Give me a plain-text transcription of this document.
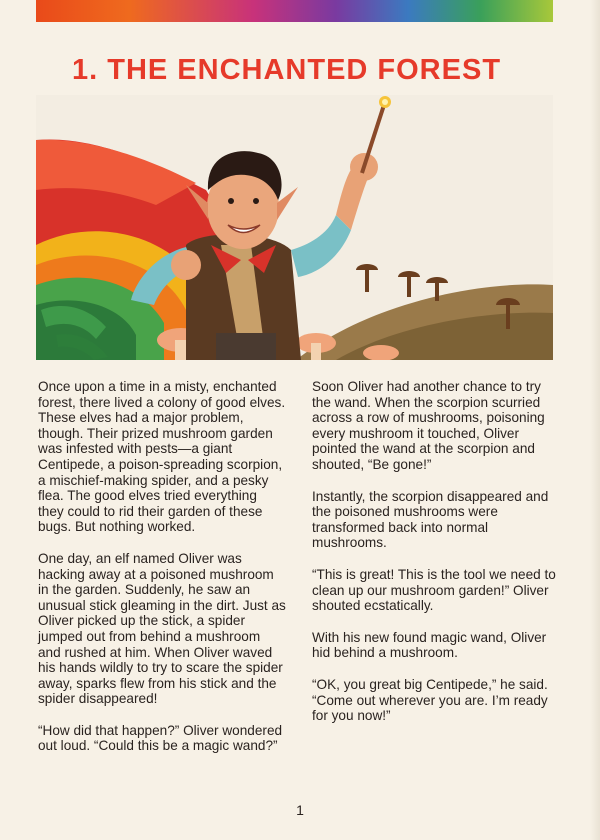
1. THE ENCHANTED FOREST

Once upon a time in a misty, enchanted forest, there lived a colony of good elves. These elves had a major problem, though. Their prized mushroom garden was infested with pests—a giant Centipede, a poison-spreading scorpion, a mischief-making spider, and a pesky flea. The good elves tried everything they could to rid their garden of these bugs. But nothing worked.

One day, an elf named Oliver was hacking away at a poisoned mushroom in the garden. Suddenly, he saw an unusual stick gleaming in the dirt. Just as Oliver picked up the stick, a spider jumped out from behind a mushroom and rushed at him. When Oliver waved his hands wildly to try to scare the spider away, sparks flew from his stick and the spider disappeared!

“How did that happen?” Oliver wondered out loud. “Could this be a magic wand?”

Soon Oliver had another chance to try the wand. When the scorpion scurried across a row of mushrooms, poisoning every mushroom it touched, Oliver pointed the wand at the scorpion and shouted, “Be gone!”

Instantly, the scorpion disappeared and the poisoned mushrooms were transformed back into normal mushrooms.

“This is great! This is the tool we need to clean up our mushroom garden!” Oliver shouted ecstatically.

With his new found magic wand, Oliver hid behind a mushroom.

“OK, you great big Centipede,” he said. “Come out wherever you are. I’m ready for you now!”

1
